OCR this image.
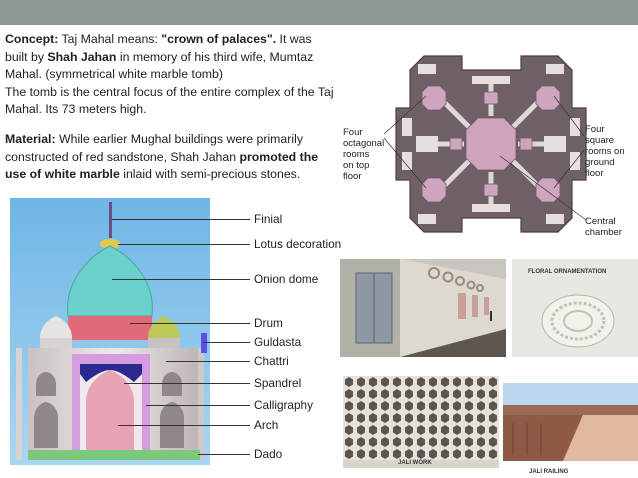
Concept: Taj Mahal means: "crown of palaces". It was built by Shah Jahan in memory of his third wife, Mumtaz Mahal. (symmetrical white marble tomb)

The tomb is the central focus of the entire complex of the Taj Mahal. Its 73 meters high.

Material: While earlier Mughal buildings were primarily constructed of red sandstone, Shah Jahan promoted the use of white marble inlaid with semi-precious stones.

Four
octagonal
rooms
on top
floor
Four
square
rooms on
ground
floor
Central
chamber
Finial
Lotus decoration
Onion dome
Drum
Guldasta
Chattri
Spandrel
Calligraphy
Arch
Dado
FLORAL ORNAMENTATION
JALI WORK
JALI RAILING
